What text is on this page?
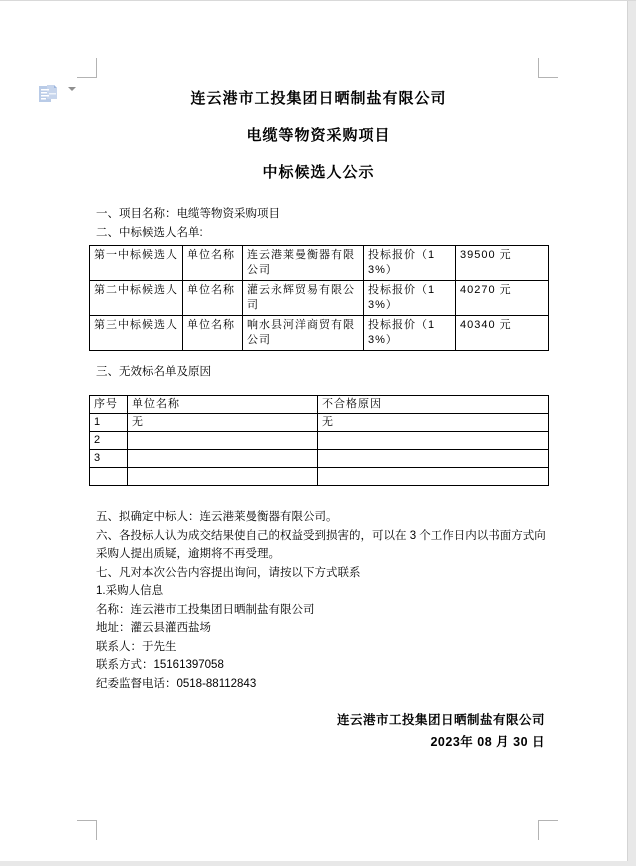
连云港市工投集团日晒制盐有限公司
电缆等物资采购项目
中标候选人公示
一、项目名称：电缆等物资采购项目
二、中标候选人名单:
第一中标候选人	单位名称	连云港莱曼衡器有限公司	投标报价（13%）	39500 元
第二中标候选人	单位名称	灌云永辉贸易有限公司	投标报价（13%）	40270 元
第三中标候选人	单位名称	响水县河洋商贸有限公司	投标报价（13%）	40340 元
三、无效标名单及原因
序号	单位名称	不合格原因
1	无	无
2		
3		

五、拟确定中标人：连云港莱曼衡器有限公司。
六、各投标人认为成交结果使自己的权益受到损害的，可以在 3 个工作日内以书面方式向采购人提出质疑，逾期将不再受理。
七、凡对本次公告内容提出询问，请按以下方式联系
1.采购人信息
名称：连云港市工投集团日晒制盐有限公司
地址：灌云县灌西盐场
联系人：于先生
联系方式：15161397058
纪委监督电话：0518-88112843
连云港市工投集团日晒制盐有限公司
2023年 08 月 30 日
